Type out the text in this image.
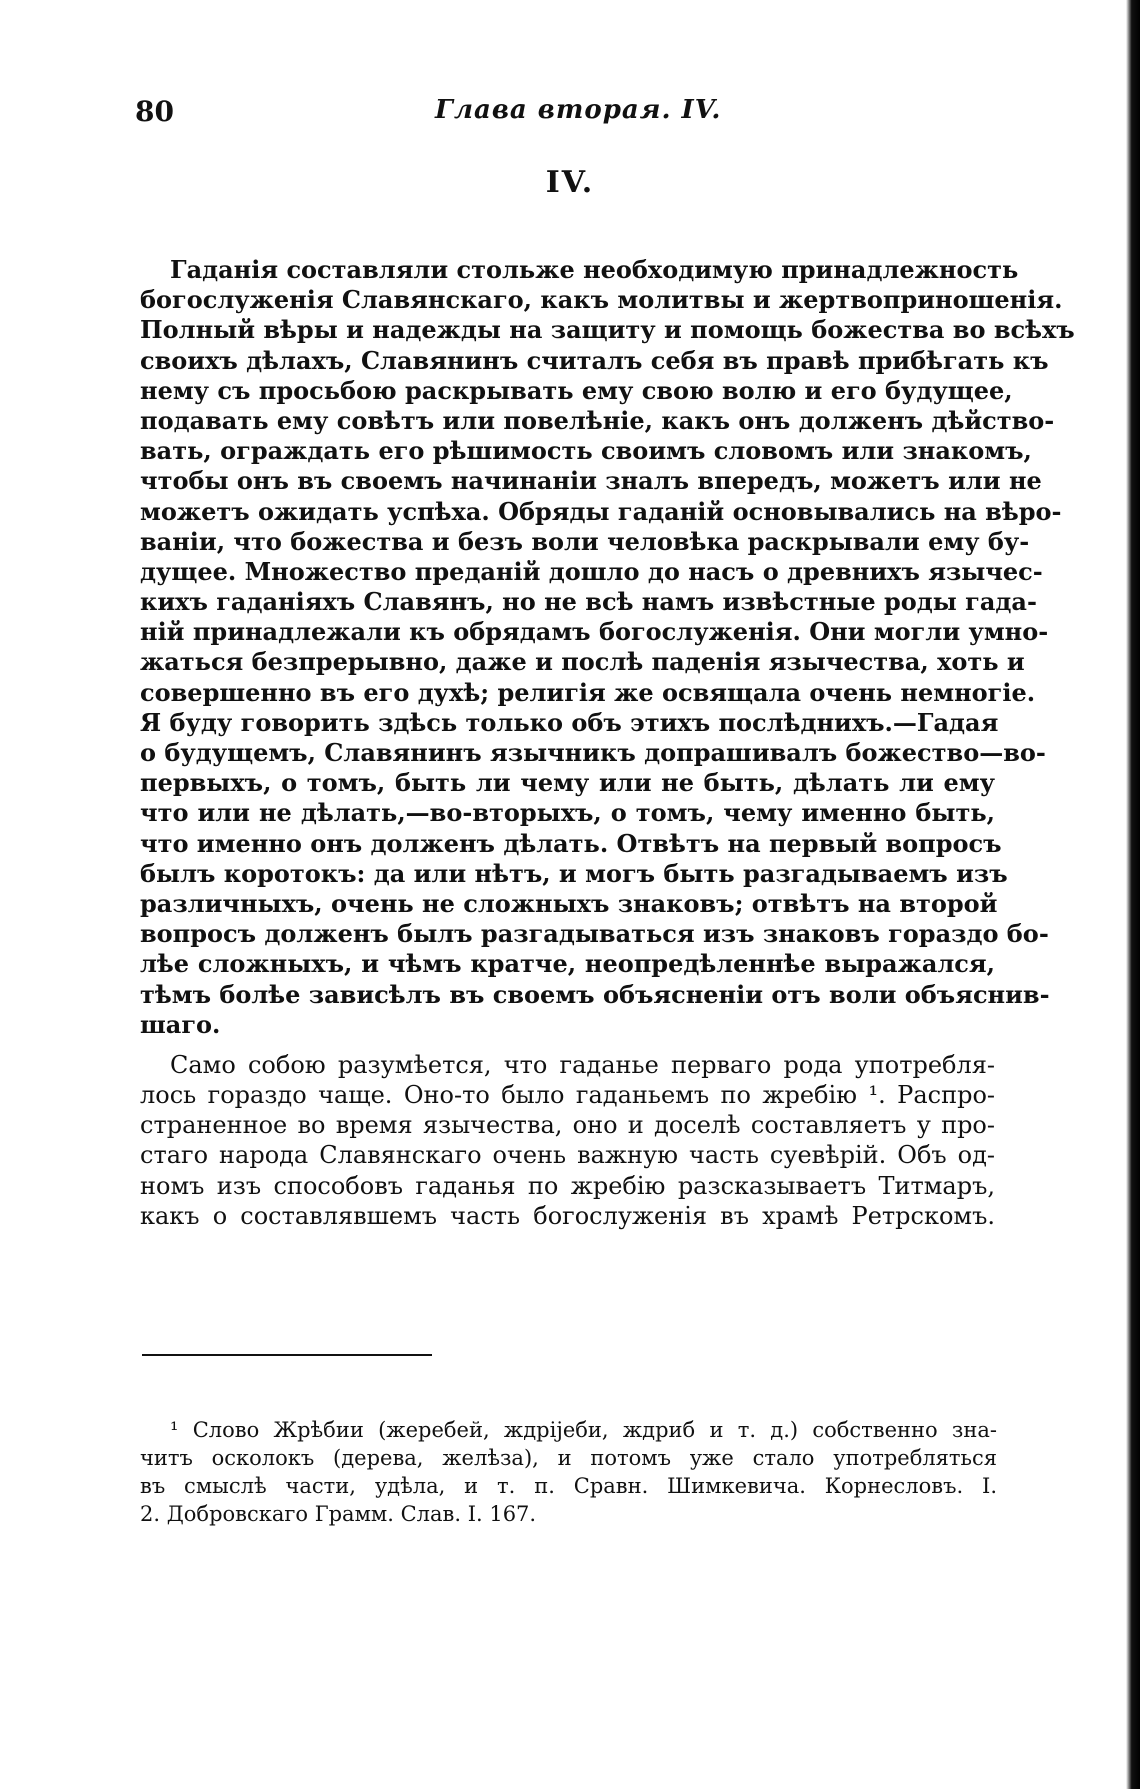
80	Глава вторая. IV.
IV.
Гаданія составляли стольже необходимую принадлежность
богослуженія Славянскаго, какъ молитвы и жертвоприношенія.
Полный вѣры и надежды на защиту и помощь божества во всѣхъ
своихъ дѣлахъ, Славянинъ считалъ себя въ правѣ прибѣгать къ
нему съ просьбою раскрывать ему свою волю и его будущее,
подавать ему совѣтъ или повелѣніе, какъ онъ долженъ дѣйство-
вать, ограждать его рѣшимость своимъ словомъ или знакомъ,
чтобы онъ въ своемъ начинаніи зналъ впередъ, можетъ или не
можетъ ожидать успѣха. Обряды гаданій основывались на вѣро-
ваніи, что божества и безъ воли человѣка раскрывали ему бу-
дущее. Множество преданій дошло до насъ о древнихъ язычес-
кихъ гаданіяхъ Славянъ, но не всѣ намъ извѣстные роды гада-
ній принадлежали къ обрядамъ богослуженія. Они могли умно-
жаться безпрерывно, даже и послѣ паденія язычества, хоть и
совершенно въ его духѣ; религія же освящала очень немногіе.
Я буду говорить здѣсь только объ этихъ послѣднихъ.—Гадая
о будущемъ, Славянинъ язычникъ допрашивалъ божество—во-
первыхъ, о томъ, быть ли чему или не быть, дѣлать ли ему
что или не дѣлать,—во-вторыхъ, о томъ, чему именно быть,
что именно онъ долженъ дѣлать. Отвѣтъ на первый вопросъ
былъ коротокъ: да или нѣтъ, и могъ быть разгадываемъ изъ
различныхъ, очень не сложныхъ знаковъ; отвѣтъ на второй
вопросъ долженъ былъ разгадываться изъ знаковъ гораздо бо-
лѣе сложныхъ, и чѣмъ кратче, неопредѣленнѣе выражался,
тѣмъ болѣе зависѣлъ въ своемъ объясненіи отъ воли объяснив-
шаго.
Само собою разумѣется, что гаданье перваго рода употребля-
лось гораздо чаще. Оно-то было гаданьемъ по жребію ¹. Распро-
страненное во время язычества, оно и доселѣ составляетъ у про-
стаго народа Славянскаго очень важную часть суевѣрій. Объ од-
номъ изъ способовъ гаданья по жребію разсказываетъ Титмаръ,
какъ о составлявшемъ часть богослуженія въ храмѣ Ретрскомъ.
¹ Слово Жрѣбии (жеребей, ждрiјеби, ждриб и т. д.) собственно зна-
читъ осколокъ (дерева, желѣза), и потомъ уже стало употребляться
въ смыслѣ части, удѣла, и т. п. Сравн. Шимкевича. Корнесловъ. I.
2. Добровскаго Грамм. Слав. I. 167.
